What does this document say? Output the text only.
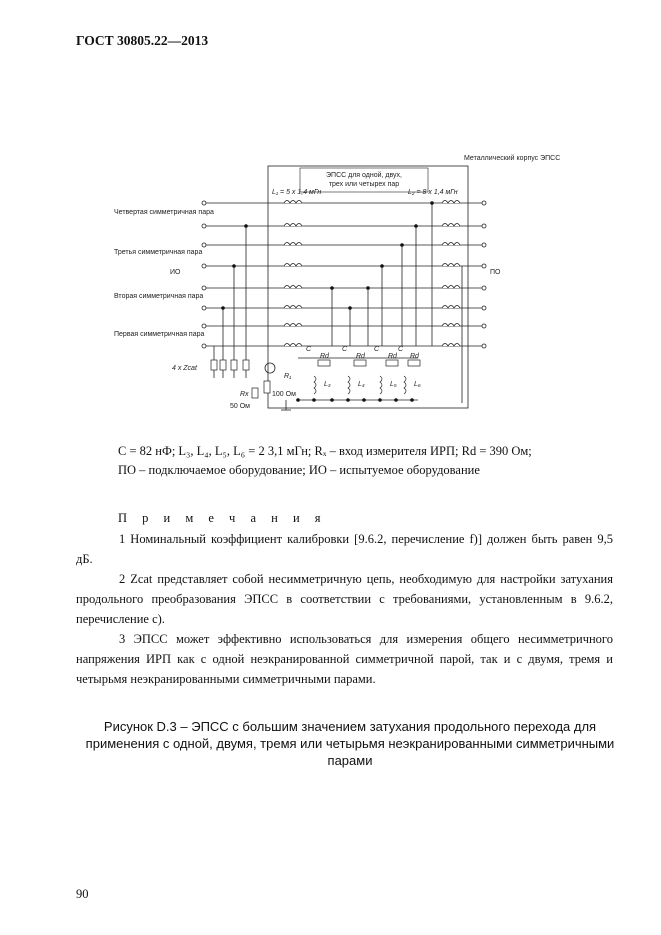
ГОСТ 30805.22—2013
ЭПСС для одной, двух,
трех или четырех пар
Металлический корпус ЭПСС
L₁ = 5 x 1,4 мГн	L₂ = 8 x 1,4 мГн
Четвертая симметричная пара
Третья симметричная пара
ИО	ПО
Вторая симметричная пара
Первая симметричная пара
4 x Zcat
C	C	C	C
Rd	Rd	Rd Rd
L₃	L₄	L₅ L₆
R₁
100 Ом
Rx
50 Ом
C = 82 нФ; L₃, L₄, L₅, L₆ = 2 3,1 мГн; Rₓ – вход измерителя ИРП; Rd = 390 Ом;
ПО – подключаемое оборудование; ИО – испытуемое оборудование
П р и м е ч а н и я
1 Номинальный коэффициент калибровки [9.6.2, перечисление f)] должен быть равен 9,5 дБ.
2 Zcat представляет собой несимметричную цепь, необходимую для настройки затухания продольного преобразования ЭПСС в соответствии с требованиями, установленным в 9.6.2, перечисление c).
3 ЭПСС может эффективно использоваться для измерения общего несимметричного напряжения ИРП как с одной неэкранированной симметричной парой, так и с двумя, тремя и четырьмя неэкранированными симметричными парами.
Рисунок D.3 – ЭПСС с большим значением затухания продольного перехода для применения с одной, двумя, тремя или четырьмя неэкранированными симметричными парами
90
